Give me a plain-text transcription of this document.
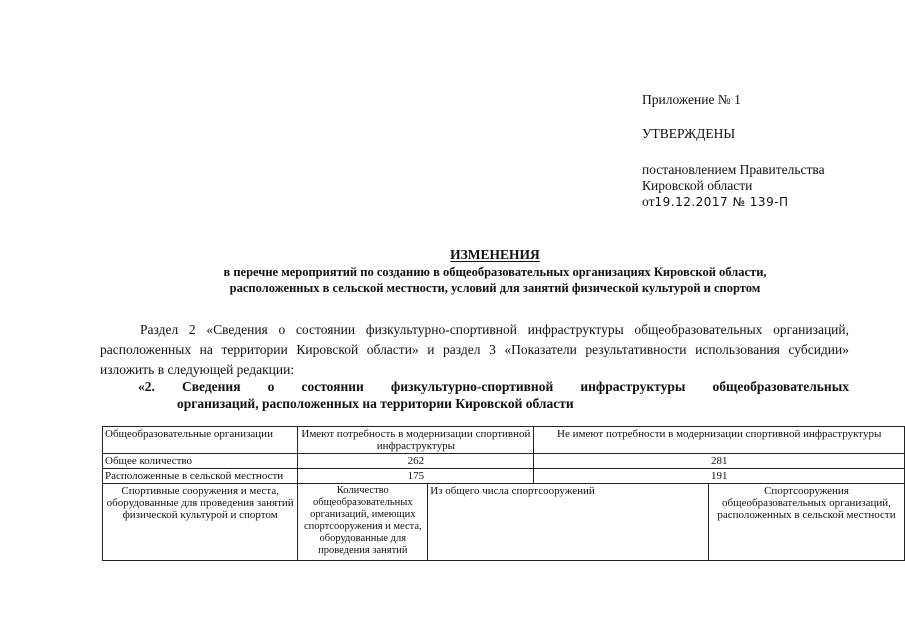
Приложение № 1
УТВЕРЖДЕНЫ
постановлением Правительства
Кировской области
от19.12.2017 № 139-П
ИЗМЕНЕНИЯ
в перечне мероприятий по созданию в общеобразовательных организациях Кировской области,
расположенных в сельской местности, условий для занятий физической культурой и спортом
Раздел 2 «Сведения о состоянии физкультурно-спортивной инфраструктуры общеобразовательных организаций, расположенных на территории Кировской области» и раздел 3 «Показатели результативности использования субсидии» изложить в следующей редакции:
«2. Сведения о состоянии физкультурно-спортивной инфраструктуры общеобразовательных
организаций, расположенных на территории Кировской области
Общеобразовательные организации	Имеют потребность в модернизации спортивной инфраструктуры		Не имеют потребности в модернизации спортивной инфраструктуры	
Общее количество	262		281	
Расположенные в сельской местности	175		191	
Спортивные сооружения и места, оборудованные для проведения занятий физической культурой и спортом	Количество общеобразовательных организаций, имеющих спортсооружения и места, оборудованные для проведения занятий	Из общего числа спортсооружений		Спортсооружения общеобразовательных организаций, расположенных в сельской местности
